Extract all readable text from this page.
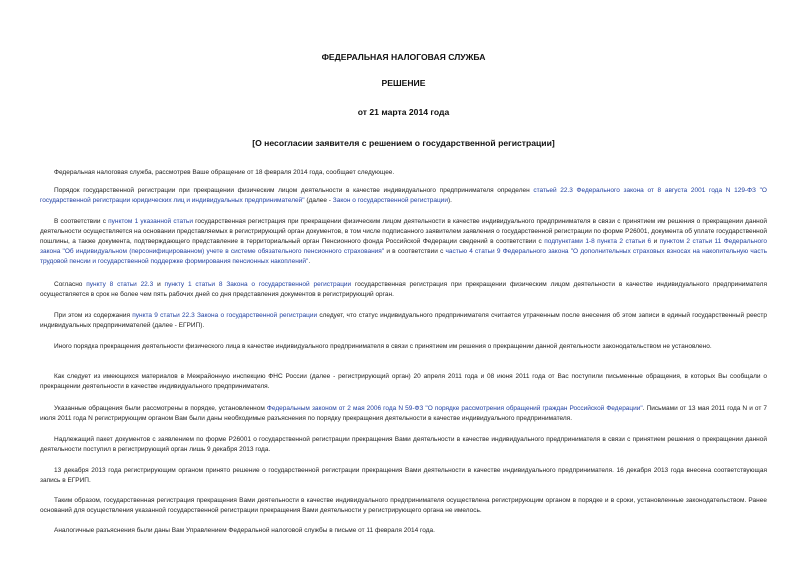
ФЕДЕРАЛЬНАЯ НАЛОГОВАЯ СЛУЖБА
РЕШЕНИЕ
от 21 марта 2014 года
[О несогласии заявителя с решением о государственной регистрации]

Федеральная налоговая служба, рассмотрев Ваше обращение от 18 февраля 2014 года, сообщает следующее.

Порядок государственной регистрации при прекращении физическим лицом деятельности в качестве индивидуального предпринимателя определен статьей 22.3 Федерального закона от 8 августа 2001 года N 129-ФЗ "О государственной регистрации юридических лиц и индивидуальных предпринимателей" (далее - Закон о государственной регистрации).

В соответствии с пунктом 1 указанной статьи государственная регистрация при прекращении физическим лицом деятельности в качестве индивидуального предпринимателя в связи с принятием им решения о прекращении данной деятельности осуществляется на основании представляемых в регистрирующий орган документов, в том числе подписанного заявителем заявления о государственной регистрации по форме Р26001, документа об уплате государственной пошлины, а также документа, подтверждающего представление в территориальный орган Пенсионного фонда Российской Федерации сведений в соответствии с подпунктами 1-8 пункта 2 статьи 6 и пунктом 2 статьи 11 Федерального закона "Об индивидуальном (персонифицированном) учете в системе обязательного пенсионного страхования" и в соответствии с частью 4 статьи 9 Федерального закона "О дополнительных страховых взносах на накопительную часть трудовой пенсии и государственной поддержке формирования пенсионных накоплений".

Согласно пункту 8 статьи 22.3 и пункту 1 статьи 8 Закона о государственной регистрации государственная регистрация при прекращении физическим лицом деятельности в качестве индивидуального предпринимателя осуществляется в срок не более чем пять рабочих дней со дня представления документов в регистрирующий орган.

При этом из содержания пункта 9 статьи 22.3 Закона о государственной регистрации следует, что статус индивидуального предпринимателя считается утраченным после внесения об этом записи в единый государственный реестр индивидуальных предпринимателей (далее - ЕГРИП).

Иного порядка прекращения деятельности физического лица в качестве индивидуального предпринимателя в связи с принятием им решения о прекращении данной деятельности законодательством не установлено.

Как следует из имеющихся материалов в Межрайонную инспекцию ФНС России (далее - регистрирующий орган) 20 апреля 2011 года и 08 июня 2011 года от Вас поступили письменные обращения, в которых Вы сообщали о прекращении деятельности в качестве индивидуального предпринимателя.

Указанные обращения были рассмотрены в порядке, установленном Федеральным законом от 2 мая 2006 года N 59-ФЗ "О порядке рассмотрения обращений граждан Российской Федерации". Письмами от 13 мая 2011 года N и от 7 июля 2011 года N регистрирующим органом Вам были даны необходимые разъяснения по порядку прекращения деятельности в качестве индивидуального предпринимателя.

Надлежащий пакет документов с заявлением по форме Р26001 о государственной регистрации прекращения Вами деятельности в качестве индивидуального предпринимателя в связи с принятием решения о прекращении данной деятельности поступил в регистрирующий орган лишь 9 декабря 2013 года.

13 декабря 2013 года регистрирующим органом принято решение о государственной регистрации прекращения Вами деятельности в качестве индивидуального предпринимателя. 16 декабря 2013 года внесена соответствующая запись в ЕГРИП.

Таким образом, государственная регистрация прекращения Вами деятельности в качестве индивидуального предпринимателя осуществлена регистрирующим органом в порядке и в сроки, установленные законодательством. Ранее оснований для осуществления указанной государственной регистрации прекращения Вами деятельности у регистрирующего органа не имелось.

Аналогичные разъяснения были даны Вам Управлением Федеральной налоговой службы в письме от 11 февраля 2014 года.
